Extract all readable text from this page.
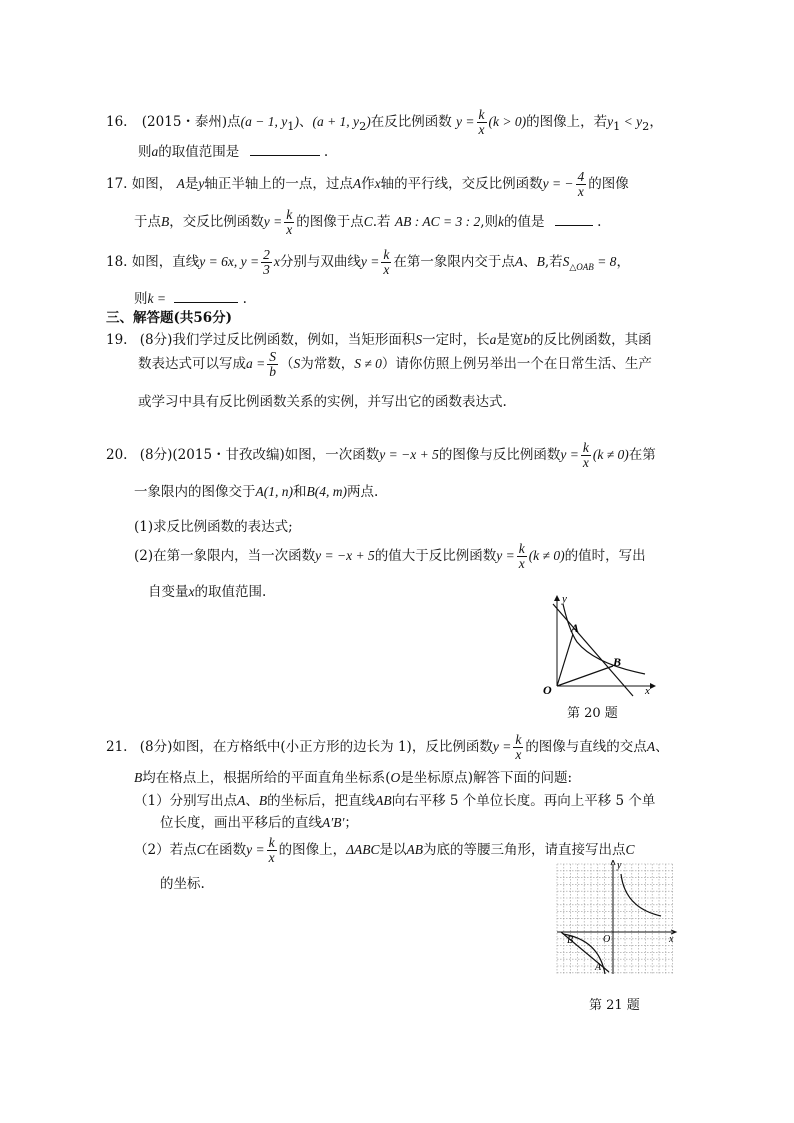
16. (2015・泰州)点(a − 1, $y_1$)、(a + 1, $y_2$)在反比例函数 $y = \frac{k}{x} (k > 0)$的图像上，若$y_1 < y_2$，
则a的取值范围是	.
17. 如图， A是y轴正半轴上的一点，过点A作x轴的平行线，交反比例函数y = − $\frac{4}{x}$ 的图像
于点B，交反比例函数$y = \frac{k}{x}$ 的图像于点C.若 AB : AC = 3 : 2,则k的值是	.
18. 如图，直线y = 6x, $y = \frac{2}{3}$ x分别与双曲线$y = \frac{k}{x}$ 在第一象限内交于点A、B,若$S_{\triangle OAB} = 8$，
则k =	.
三、解答题(共56分)
19. (8分)我们学过反比例函数，例如，当矩形面积S一定时，长a是宽b的反比例函数，其函
数表达式可以写成$a = \frac{S}{b} (S$为常数，S ≠ 0）请你仿照上例另举出一个在日常生活、生产
或学习中具有反比例函数关系的实例，并写出它的函数表达式.
20. (8分)(2015・甘孜改编)如图，一次函数y = −x + 5的图像与反比例函数$y = \frac{k}{x} (k \ne 0)$在第
一象限内的图像交于A(1, n)和B(4, m)两点.
(1)求反比例函数的表达式;
(2)在第一象限内，当一次函数y = −x + 5的值大于反比例函数$y = \frac{k}{x} (k \ne 0)$的值时，写出
自变量x的取值范围.	y
x
O
A
B
第 20 题
21. (8分)如图，在方格纸中(小正方形的边长为 1)，反比例函数$y = \frac{k}{x}$ 的图像与直线的交点A、
B均在格点上，根据所给的平面直角坐标系(O是坐标原点)解答下面的问题:
（1）分别写出点A、B的坐标后，把直线AB向右平移 5 个单位长度。再向上平移 5 个单
位长度，画出平移后的直线A′B′；
（2）若点C在函数$y = \frac{k}{x}$ 的图像上，ΔABC是以AB为底的等腰三角形，请直接写出点C
的坐标.
y
x
O
B
A
第 21 题
